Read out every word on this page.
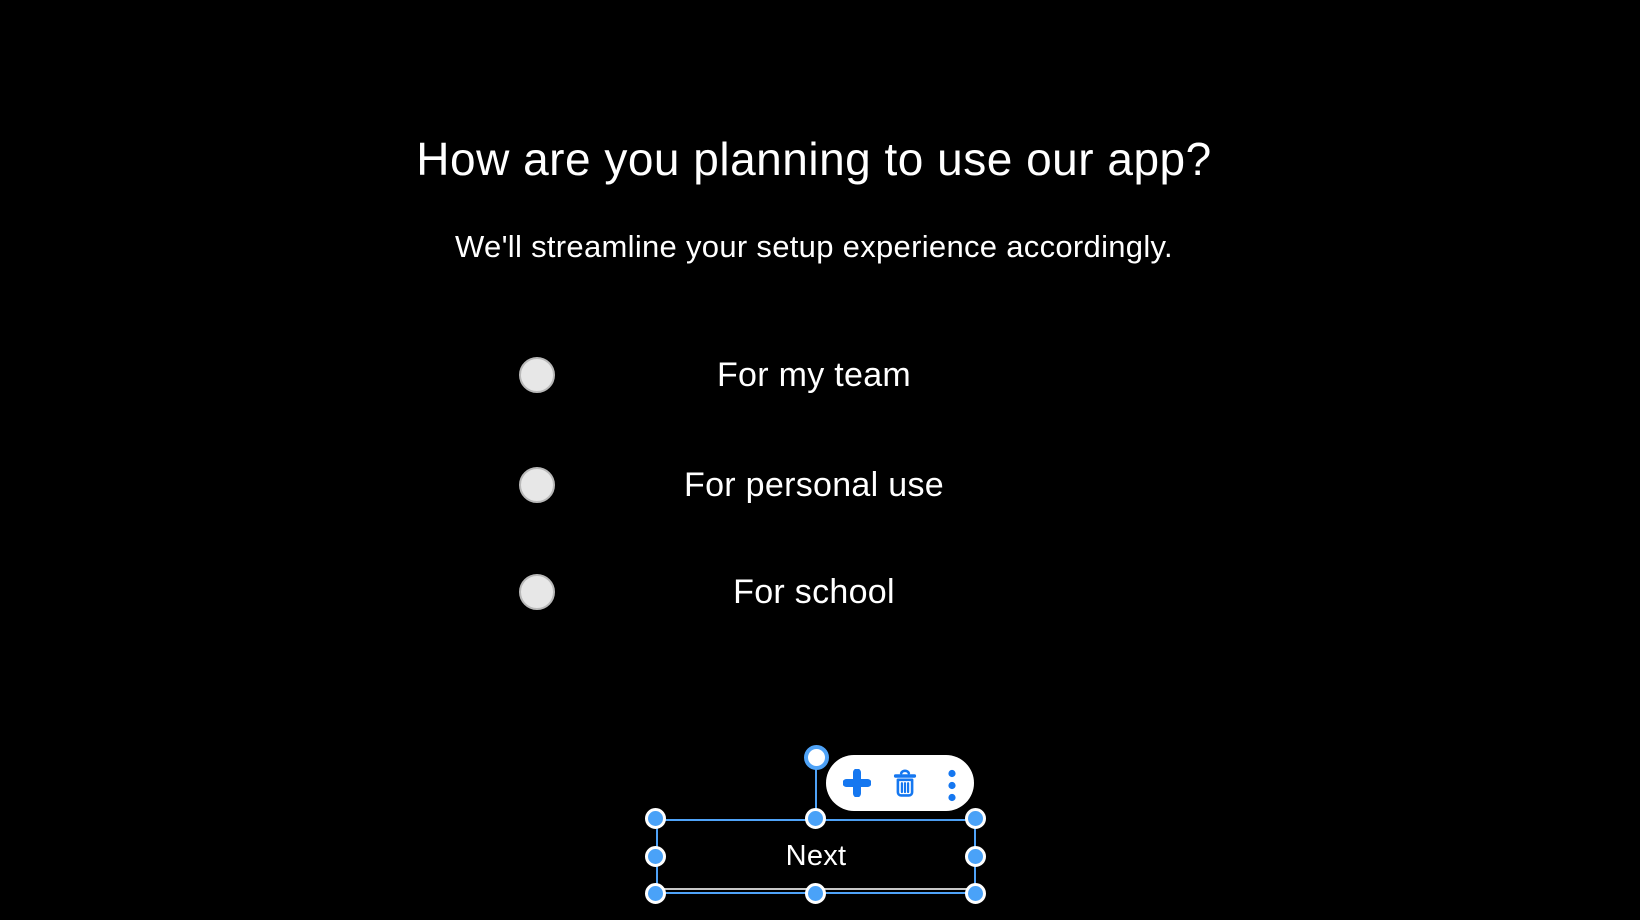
How are you planning to use our app?
We'll streamline your setup experience accordingly.
For my team
For personal use
For school
Next
